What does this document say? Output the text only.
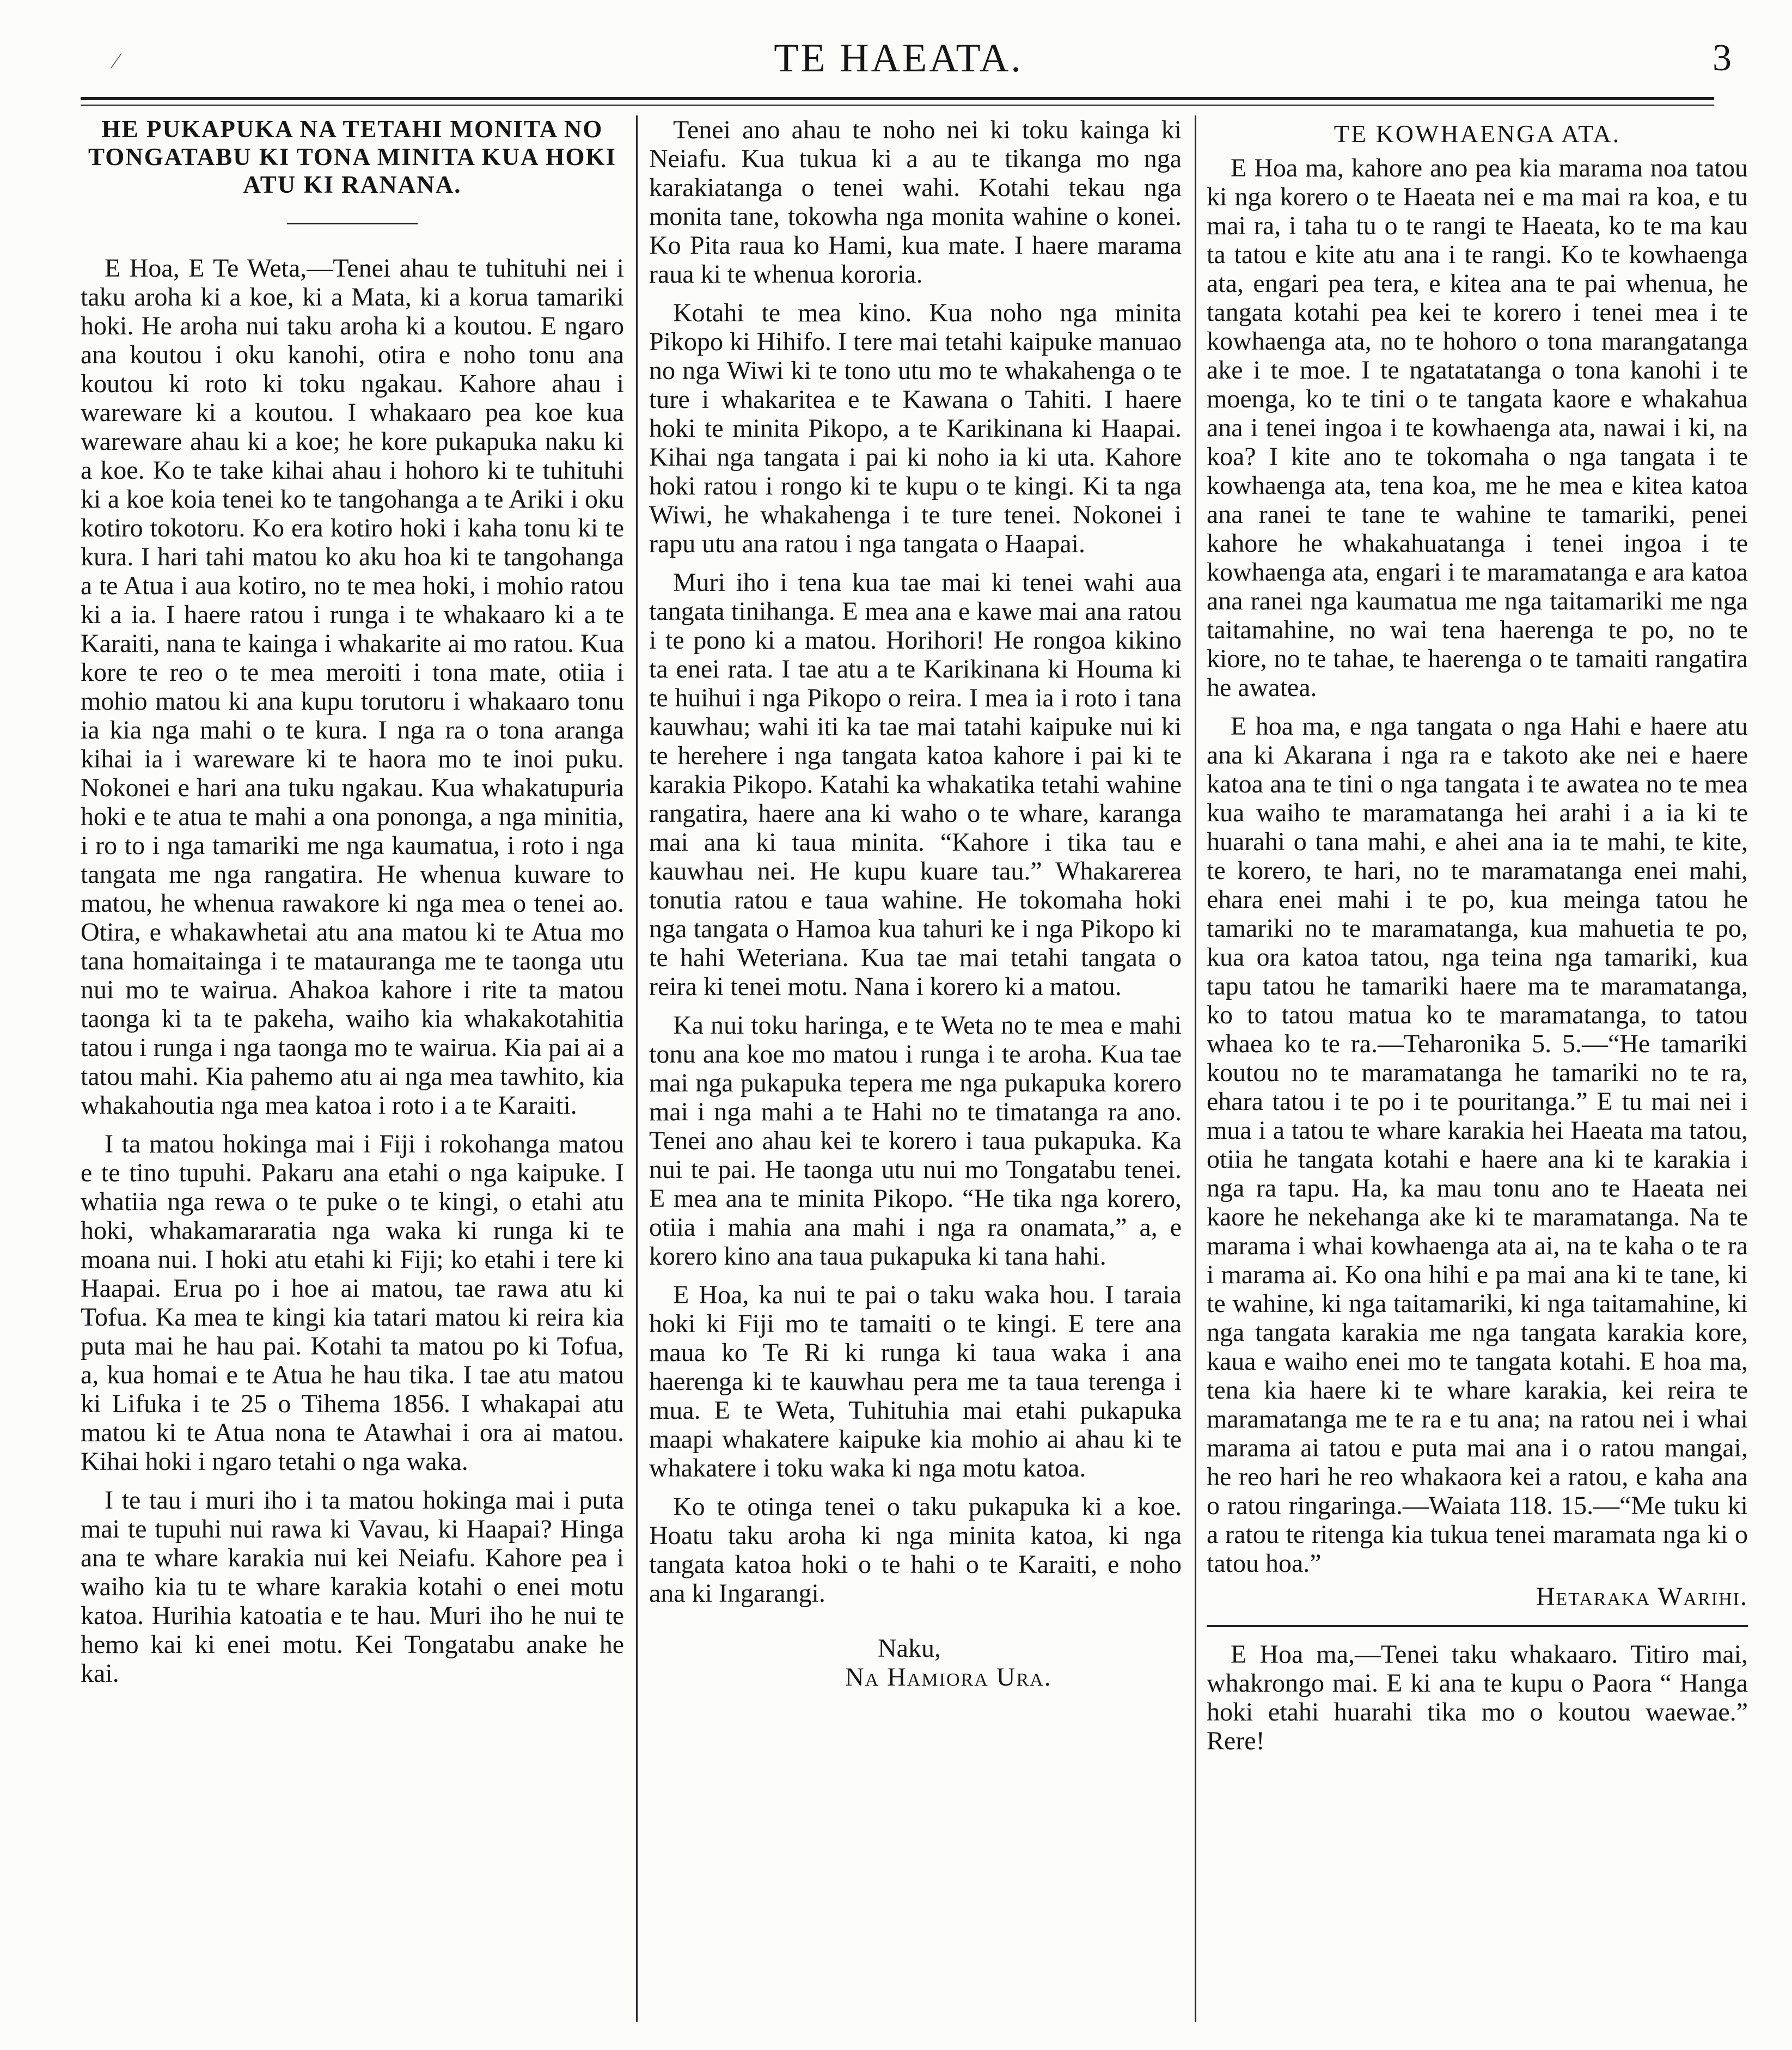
⁄	TE HAEATA.	3
HE PUKAPUKA NA TETAHI MONITA NO TONGATABU KI TONA MINITA KUA HOKI ATU KI RANANA.

E Hoa, E Te Weta,—Tenei ahau te tuhituhi nei i taku aroha ki a koe, ki a Mata, ki a korua tamariki hoki. He aroha nui taku aroha ki a koutou. E ngaro ana koutou i oku kanohi, otira e noho tonu ana koutou ki roto ki toku ngakau. Kahore ahau i wareware ki a koutou. I whakaaro pea koe kua wareware ahau ki a koe; he kore pukapuka naku ki a koe. Ko te take kihai ahau i hohoro ki te tuhituhi ki a koe koia tenei ko te tangohanga a te Ariki i oku kotiro tokotoru. Ko era kotiro hoki i kaha tonu ki te kura. I hari tahi matou ko aku hoa ki te tangohanga a te Atua i aua kotiro, no te mea hoki, i mohio ratou ki a ia. I haere ratou i runga i te whakaaro ki a te Karaiti, nana te kainga i whakarite ai mo ratou. Kua kore te reo o te mea meroiti i tona mate, otiia i mohio matou ki ana kupu torutoru i whakaaro tonu ia kia nga mahi o te kura. I nga ra o tona aranga kihai ia i wareware ki te haora mo te inoi puku. Nokonei e hari ana tuku ngakau. Kua whakatupuria hoki e te atua te mahi a ona pononga, a nga minitia, i ro to i nga tamariki me nga kaumatua, i roto i nga tangata me nga rangatira. He whenua kuware to matou, he whenua rawakore ki nga mea o tenei ao. Otira, e whakawhetai atu ana matou ki te Atua mo tana homaitainga i te matauranga me te taonga utu nui mo te wairua. Ahakoa kahore i rite ta matou taonga ki ta te pakeha, waiho kia whakakotahitia tatou i runga i nga taonga mo te wairua. Kia pai ai a tatou mahi. Kia pahemo atu ai nga mea tawhito, kia whakahoutia nga mea katoa i roto i a te Karaiti.

I ta matou hokinga mai i Fiji i rokohanga matou e te tino tupuhi. Pakaru ana etahi o nga kaipuke. I whatiia nga rewa o te puke o te kingi, o etahi atu hoki, whakamararatia nga waka ki runga ki te moana nui. I hoki atu etahi ki Fiji; ko etahi i tere ki Haapai. Erua po i hoe ai matou, tae rawa atu ki Tofua. Ka mea te kingi kia tatari matou ki reira kia puta mai he hau pai. Kotahi ta matou po ki Tofua, a, kua homai e te Atua he hau tika. I tae atu matou ki Lifuka i te 25 o Tihema 1856. I whakapai atu matou ki te Atua nona te Atawhai i ora ai matou. Kihai hoki i ngaro tetahi o nga waka.

I te tau i muri iho i ta matou hokinga mai i puta mai te tupuhi nui rawa ki Vavau, ki Haapai? Hinga ana te whare karakia nui kei Neiafu. Kahore pea i waiho kia tu te whare karakia kotahi o enei motu katoa. Hurihia katoatia e te hau. Muri iho he nui te hemo kai ki enei motu. Kei Tongatabu anake he kai.

Tenei ano ahau te noho nei ki toku kainga ki Neiafu. Kua tukua ki a au te tikanga mo nga karakiatanga o tenei wahi. Kotahi tekau nga monita tane, tokowha nga monita wahine o konei. Ko Pita raua ko Hami, kua mate. I haere marama raua ki te whenua kororia.

Kotahi te mea kino. Kua noho nga minita Pikopo ki Hihifo. I tere mai tetahi kaipuke manuao no nga Wiwi ki te tono utu mo te whakahenga o te ture i whakaritea e te Kawana o Tahiti. I haere hoki te minita Pikopo, a te Karikinana ki Haapai. Kihai nga tangata i pai ki noho ia ki uta. Kahore hoki ratou i rongo ki te kupu o te kingi. Ki ta nga Wiwi, he whakahenga i te ture tenei. Nokonei i rapu utu ana ratou i nga tangata o Haapai.

Muri iho i tena kua tae mai ki tenei wahi aua tangata tinihanga. E mea ana e kawe mai ana ratou i te pono ki a matou. Horihori! He rongoa kikino ta enei rata. I tae atu a te Karikinana ki Houma ki te huihui i nga Pikopo o reira. I mea ia i roto i tana kauwhau; wahi iti ka tae mai tatahi kaipuke nui ki te herehere i nga tangata katoa kahore i pai ki te karakia Pikopo. Katahi ka whakatika tetahi wahine rangatira, haere ana ki waho o te whare, karanga mai ana ki taua minita. “Kahore i tika tau e kauwhau nei. He kupu kuare tau.” Whakarerea tonutia ratou e taua wahine. He tokomaha hoki nga tangata o Hamoa kua tahuri ke i nga Pikopo ki te hahi Weteriana. Kua tae mai tetahi tangata o reira ki tenei motu. Nana i korero ki a matou.

Ka nui toku haringa, e te Weta no te mea e mahi tonu ana koe mo matou i runga i te aroha. Kua tae mai nga pukapuka tepera me nga pukapuka korero mai i nga mahi a te Hahi no te timatanga ra ano. Tenei ano ahau kei te korero i taua pukapuka. Ka nui te pai. He taonga utu nui mo Tongatabu tenei. E mea ana te minita Pikopo. “He tika nga korero, otiia i mahia ana mahi i nga ra onamata,” a, e korero kino ana taua pukapuka ki tana hahi.

E Hoa, ka nui te pai o taku waka hou. I taraia hoki ki Fiji mo te tamaiti o te kingi. E tere ana maua ko Te Ri ki runga ki taua waka i ana haerenga ki te kauwhau pera me ta taua terenga i mua. E te Weta, Tuhituhia mai etahi pukapuka maapi whakatere kaipuke kia mohio ai ahau ki te whakatere i toku waka ki nga motu katoa.

Ko te otinga tenei o taku pukapuka ki a koe. Hoatu taku aroha ki nga minita katoa, ki nga tangata katoa hoki o te hahi o te Karaiti, e noho ana ki Ingarangi.

Naku,
Na Hamiora Ura.
TE KOWHAENGA ATA.

E Hoa ma, kahore ano pea kia marama noa tatou ki nga korero o te Haeata nei e ma mai ra koa, e tu mai ra, i taha tu o te rangi te Haeata, ko te ma kau ta tatou e kite atu ana i te rangi. Ko te kowhaenga ata, engari pea tera, e kitea ana te pai whenua, he tangata kotahi pea kei te korero i tenei mea i te kowhaenga ata, no te hohoro o tona marangatanga ake i te moe. I te ngatatatanga o tona kanohi i te moenga, ko te tini o te tangata kaore e whakahua ana i tenei ingoa i te kowhaenga ata, nawai i ki, na koa? I kite ano te tokomaha o nga tangata i te kowhaenga ata, tena koa, me he mea e kitea katoa ana ranei te tane te wahine te tamariki, penei kahore he whakahuatanga i tenei ingoa i te kowhaenga ata, engari i te maramatanga e ara katoa ana ranei nga kaumatua me nga taitamariki me nga taitamahine, no wai tena haerenga te po, no te kiore, no te tahae, te haerenga o te tamaiti rangatira he awatea.

E hoa ma, e nga tangata o nga Hahi e haere atu ana ki Akarana i nga ra e takoto ake nei e haere katoa ana te tini o nga tangata i te awatea no te mea kua waiho te maramatanga hei arahi i a ia ki te huarahi o tana mahi, e ahei ana ia te mahi, te kite, te korero, te hari, no te maramatanga enei mahi, ehara enei mahi i te po, kua meinga tatou he tamariki no te maramatanga, kua mahuetia te po, kua ora katoa tatou, nga teina nga tamariki, kua tapu tatou he tamariki haere ma te maramatanga, ko to tatou matua ko te maramatanga, to tatou whaea ko te ra.—Teharonika 5. 5.—“He tamariki koutou no te maramatanga he tamariki no te ra, ehara tatou i te po i te pouritanga.” E tu mai nei i mua i a tatou te whare karakia hei Haeata ma tatou, otiia he tangata kotahi e haere ana ki te karakia i nga ra tapu. Ha, ka mau tonu ano te Haeata nei kaore he nekehanga ake ki te maramatanga. Na te marama i whai kowhaenga ata ai, na te kaha o te ra i marama ai. Ko ona hihi e pa mai ana ki te tane, ki te wahine, ki nga taitamariki, ki nga taitamahine, ki nga tangata karakia me nga tangata karakia kore, kaua e waiho enei mo te tangata kotahi. E hoa ma, tena kia haere ki te whare karakia, kei reira te maramatanga me te ra e tu ana; na ratou nei i whai marama ai tatou e puta mai ana i o ratou mangai, he reo hari he reo whakaora kei a ratou, e kaha ana o ratou ringaringa.—Waiata 118. 15.—“Me tuku ki a ratou te ritenga kia tukua tenei maramata nga ki o tatou hoa.”

Hetaraka Warihi.

E Hoa ma,—Tenei taku whakaaro. Titiro mai, whakrongo mai. E ki ana te kupu o Paora “ Hanga hoki etahi huarahi tika mo o koutou waewae.” Rere!
